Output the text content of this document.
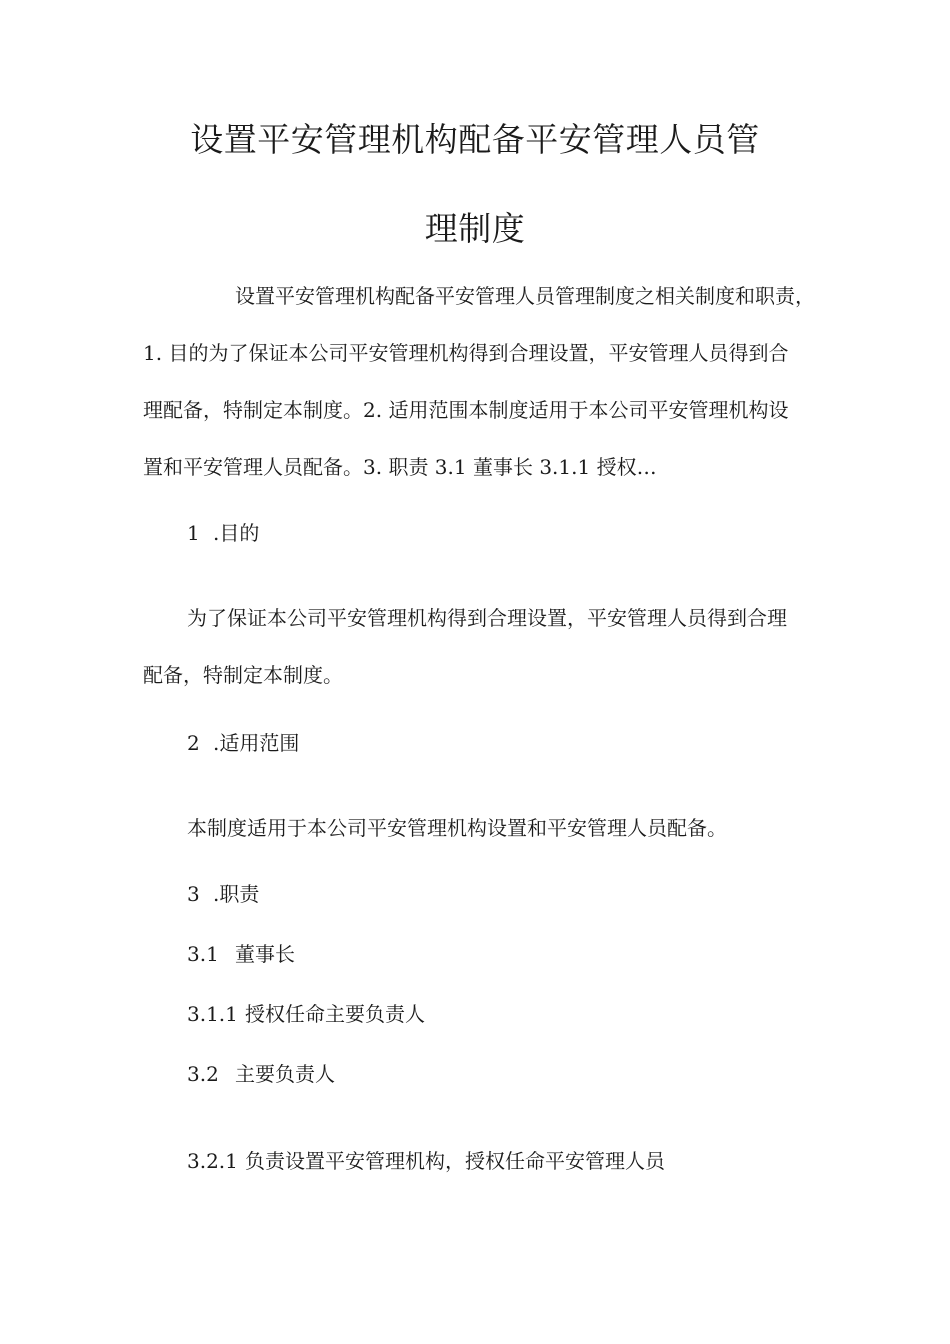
设置平安管理机构配备平安管理人员管
理制度
设置平安管理机构配备平安管理人员管理制度之相关制度和职责，
1. 目的为了保证本公司平安管理机构得到合理设置，平安管理人员得到合
理配备，特制定本制度。2. 适用范围本制度适用于本公司平安管理机构设
置和平安管理人员配备。3. 职责 3.1 董事长 3.1.1 授权…
1 .目的
为了保证本公司平安管理机构得到合理设置，平安管理人员得到合理
配备，特制定本制度。
2 .适用范围
本制度适用于本公司平安管理机构设置和平安管理人员配备。
3 .职责
3.1 董事长
3.1.1 授权任命主要负责人
3.2 主要负责人
3.2.1 负责设置平安管理机构，授权任命平安管理人员
